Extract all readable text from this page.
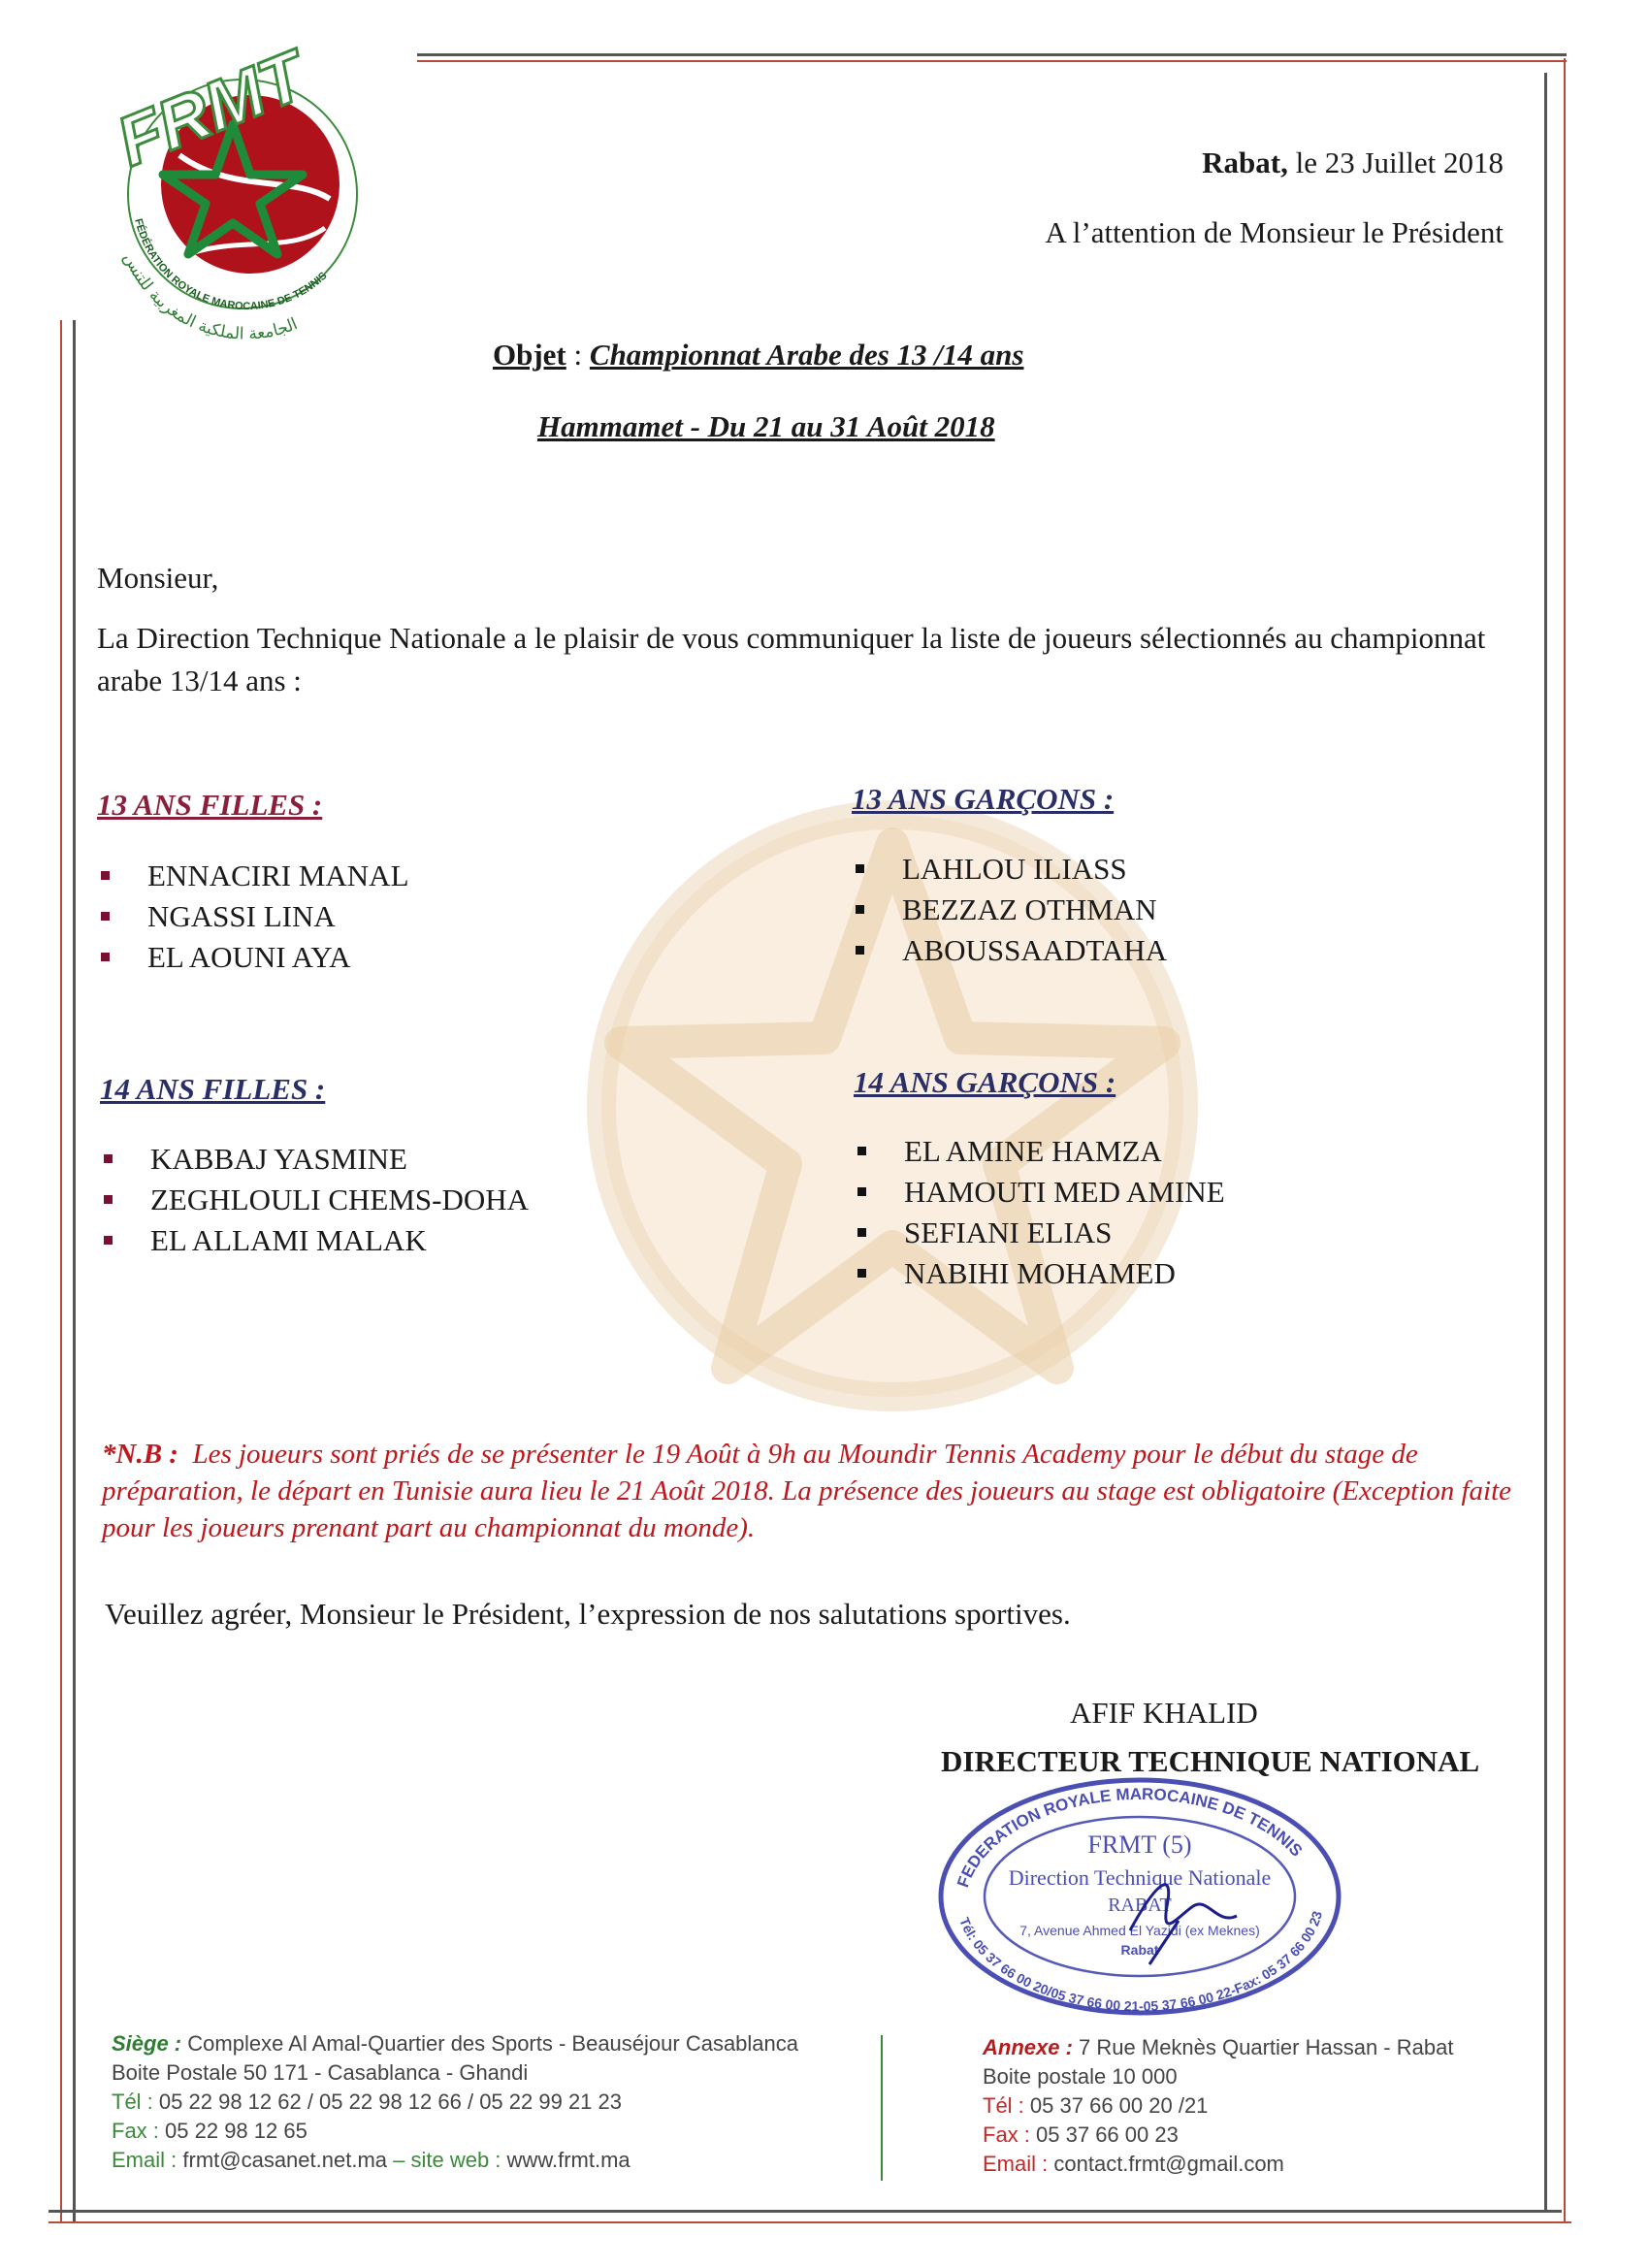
FRMT
FÉDÉRATION ROYALE MAROCAINE DE TENNIS
الجامعة الملكية المغربية للتنس
Rabat, le 23 Juillet 2018
A l’attention de Monsieur le Président
Objet : Championnat Arabe des 13 /14 ans
Hammamet - Du 21 au 31 Août 2018
Monsieur,
La Direction Technique Nationale a le plaisir de vous communiquer la liste de joueurs sélectionnés au championnat arabe 13/14 ans :
13 ANS FILLES :
ENNACIRI MANAL
NGASSI LINA
EL AOUNI AYA
13 ANS GARÇONS :
LAHLOU ILIASS
BEZZAZ OTHMAN
ABOUSSAADTAHA
14 ANS FILLES :
KABBAJ YASMINE
ZEGHLOULI CHEMS-DOHA
EL ALLAMI MALAK
14 ANS GARÇONS :
EL AMINE HAMZA
HAMOUTI MED AMINE
SEFIANI ELIAS
NABIHI MOHAMED
*N.B : Les joueurs sont priés de se présenter le 19 Août à 9h au Moundir Tennis Academy pour le début du stage de préparation, le départ en Tunisie aura lieu le 21 Août 2018. La présence des joueurs au stage est obligatoire (Exception faite pour les joueurs prenant part au championnat du monde).
Veuillez agréer, Monsieur le Président, l’expression de nos salutations sportives.
AFIF KHALID
DIRECTEUR TECHNIQUE NATIONAL
FEDERATION ROYALE MAROCAINE DE TENNIS
Tél: 05 37 66 00 20/05 37 66 00 21-05 37 66 00 22-Fax: 05 37 66 00 23
FRMT (5)
Direction Technique Nationale
RABAT
7, Avenue Ahmed El Yazidi (ex Meknes)
Rabat
Siège : Complexe Al Amal-Quartier des Sports - Beauséjour Casablanca
Boite Postale 50 171 - Casablanca - Ghandi
Tél : 05 22 98 12 62 / 05 22 98 12 66 / 05 22 99 21 23
Fax : 05 22 98 12 65
Email : frmt@casanet.net.ma – site web : www.frmt.ma
Annexe : 7 Rue Meknès Quartier Hassan - Rabat
Boite postale 10 000
Tél : 05 37 66 00 20 /21
Fax : 05 37 66 00 23
Email : contact.frmt@gmail.com
